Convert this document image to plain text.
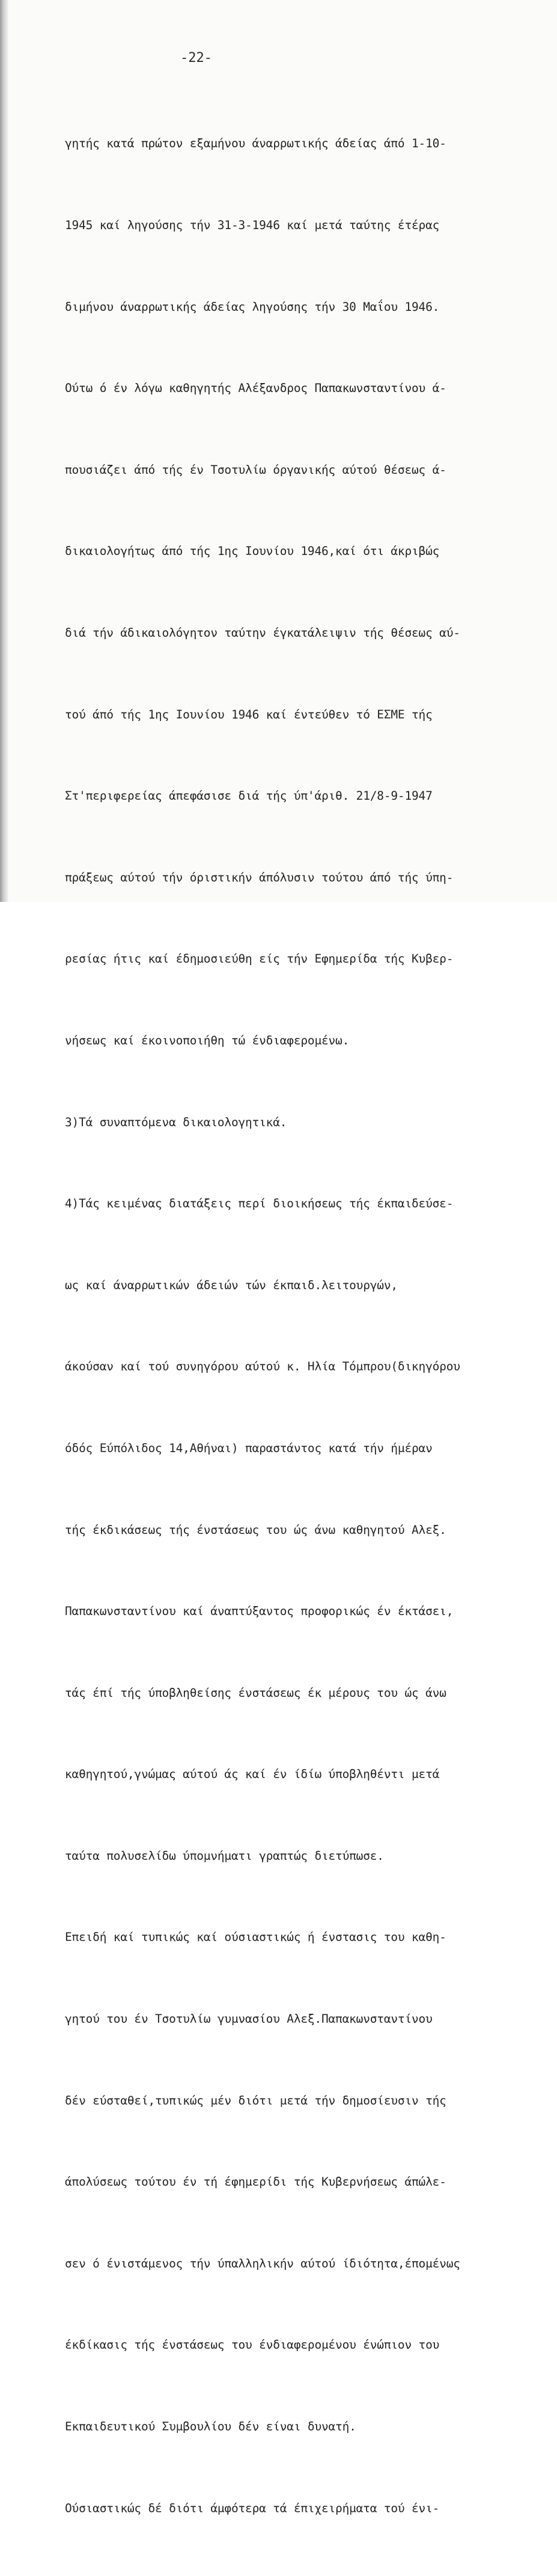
-22-

γητής κατά πρώτον εξαμήνου άναρρωτικής άδείας άπό 1-10-

1945 καί ληγούσης τήν 31-3-1946 καί μετά ταύτης έτέρας

διμήνου άναρρωτικής άδείας ληγούσης τήν 30 Μαΐου 1946.

Ούτω ό έν λόγω καθηγητής Αλέξανδρος Παπακωνσταντίνου ά-

πουσιάζει άπό τής έν Τσοτυλίω όργανικής αύτού θέσεως ά-

δικαιολογήτως άπό τής 1ης Ιουνίου 1946,καί ότι άκριβώς

διά τήν άδικαιολόγητον ταύτην έγκατάλειψιν τής θέσεως αύ-

τού άπό τής 1ης Ιουνίου 1946 καί έντεύθεν τό ΕΣΜΕ τής

Στ'περιφερείας άπεφάσισε διά τής ύπ'άριθ. 21/8-9-1947

πράξεως αύτού τήν όριστικήν άπόλυσιν τούτου άπό τής ύπη-

ρεσίας ήτις καί έδημοσιεύθη είς τήν Εφημερίδα τής Κυβερ-

νήσεως καί έκοινοποιήθη τώ ένδιαφερομένω.

3)Τά συναπτόμενα δικαιολογητικά.

4)Τάς κειμένας διατάξεις περί διοικήσεως τής έκπαιδεύσε-

ως καί άναρρωτικών άδειών τών έκπαιδ.λειτουργών,

άκούσαν καί τού συνηγόρου αύτού κ. Ηλία Τόμπρου(δικηγόρου

όδός Εύπόλιδος 14,Αθήναι) παραστάντος κατά τήν ήμέραν

τής έκδικάσεως τής ένστάσεως του ώς άνω καθηγητού Αλεξ.

Παπακωνσταντίνου καί άναπτύξαντος προφορικώς έν έκτάσει,

τάς έπί τής ύποβληθείσης ένστάσεως έκ μέρους του ώς άνω

καθηγητού,γνώμας αύτού άς καί έν ίδίω ύποβληθέντι μετά

ταύτα πολυσελίδω ύπομνήματι γραπτώς διετύπωσε.

Επειδή καί τυπικώς καί ούσιαστικώς ή ένστασις του καθη-

γητού του έν Τσοτυλίω γυμνασίου Αλεξ.Παπακωνσταντίνου

δέν εύσταθεί,τυπικώς μέν διότι μετά τήν δημοσίευσιν τής

άπολύσεως τούτου έν τή έφημερίδι τής Κυβερνήσεως άπώλε-

σεν ό ένιστάμενος τήν ύπαλληλικήν αύτού ίδιότητα,έπομένως

έκδίκασις τής ένστάσεως του ένδιαφερομένου ένώπιον του

Εκπαιδευτικού Συμβουλίου δέν είναι δυνατή.

Ούσιαστικώς δέ διότι άμφότερα τά έπιχειρήματα τού ένι-
